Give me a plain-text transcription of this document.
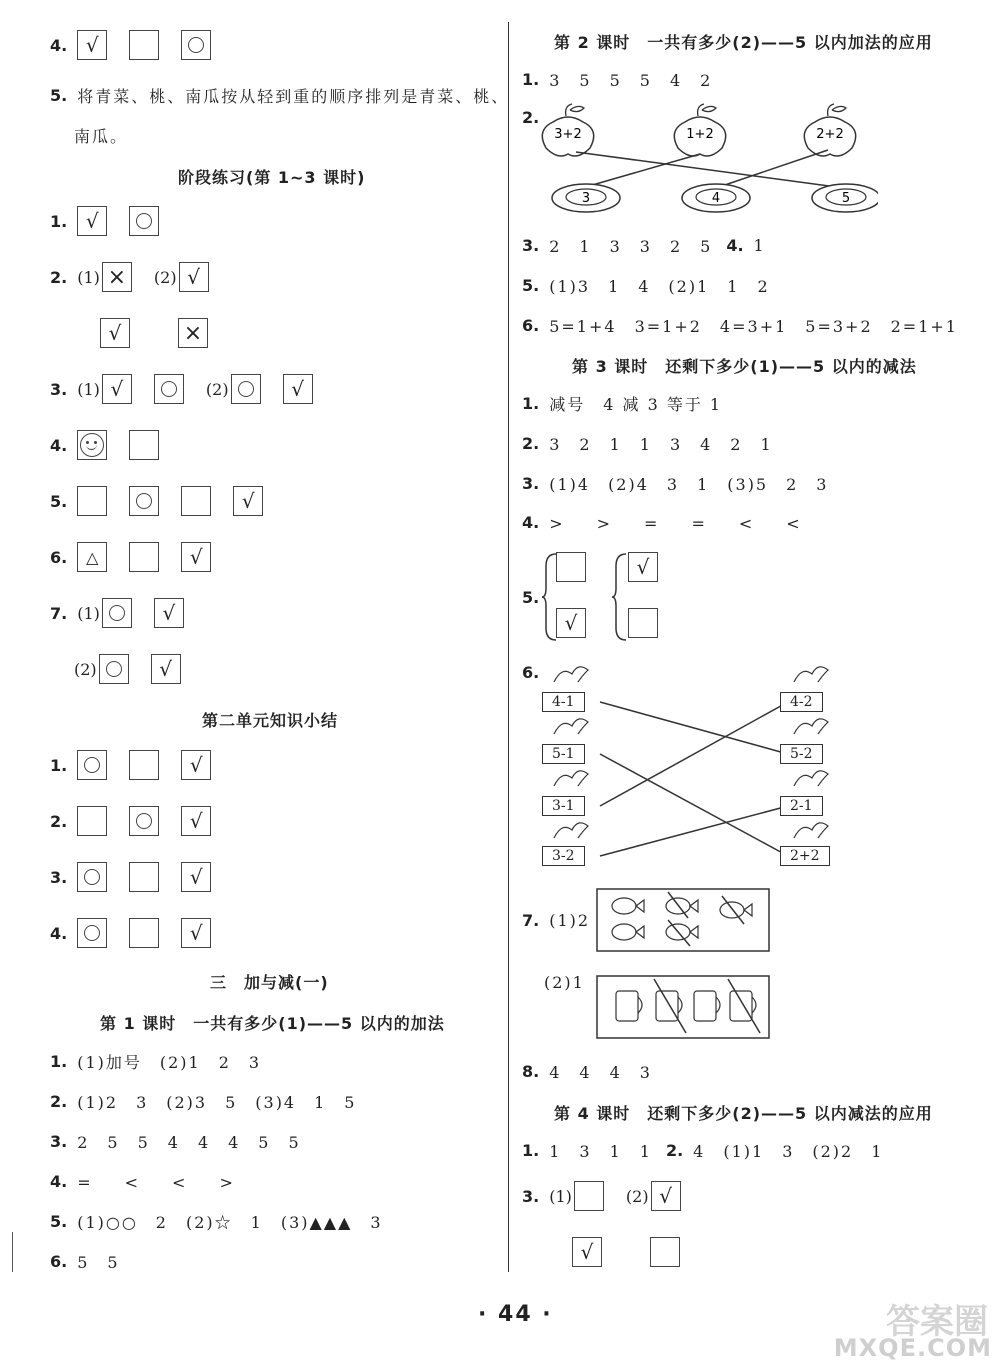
4. √
5. 将青菜、桃、南瓜按从轻到重的顺序排列是青菜、桃、
南瓜。
阶段练习(第 1~3 课时)
1. √
2. (1) × (2) √
√	×
3. (1) √	(2)	√
4.
5.	√
6. △	√
7. (1)	√
(2)	√
第二单元知识小结
1.	√
2.	√
3.	√
4.	√
三　加与减(一)
第 1 课时　一共有多少(1)——5 以内的加法
1. (1)加号　(2)1　2　3
2. (1)2　3　(2)3　5　(3)4　1　5
3. 2　5　5　4　4　4　5　5
4. =　<　<　>
5. (1)○○　2　(2)☆　1　(3)▲▲▲　3
6. 5　5
第 2 课时　一共有多少(2)——5 以内加法的应用
1. 3　5　5　5　4　2
2.
3+2	1+2	2+2
3	4	5
3. 2　1　3　3　2　5 4. 1
5. (1)3　1　4　(2)1　1　2
6. 5=1+4　3=1+2　4=3+1　5=3+2　2=1+1
第 3 课时　还剩下多少(1)——5 以内的减法
1. 减号　4 减 3 等于 1
2. 3　2　1　1　3　4　2　1
3. (1)4　(2)4　3　1　(3)5　2　3
4. >　>　=　=　<　<
5.
√
√
6.
4-1
5-1
3-1
3-2
4-2
5-2
2-1
2+2
7. (1)2
(2)1
8. 4　4　4　3
第 4 课时　还剩下多少(2)——5 以内减法的应用
1. 1　3　1　1 2. 4　(1)1　3　(2)2　1
3. (1)	(2) √
√
· 44 ·	答案圈
MXQE.COM
